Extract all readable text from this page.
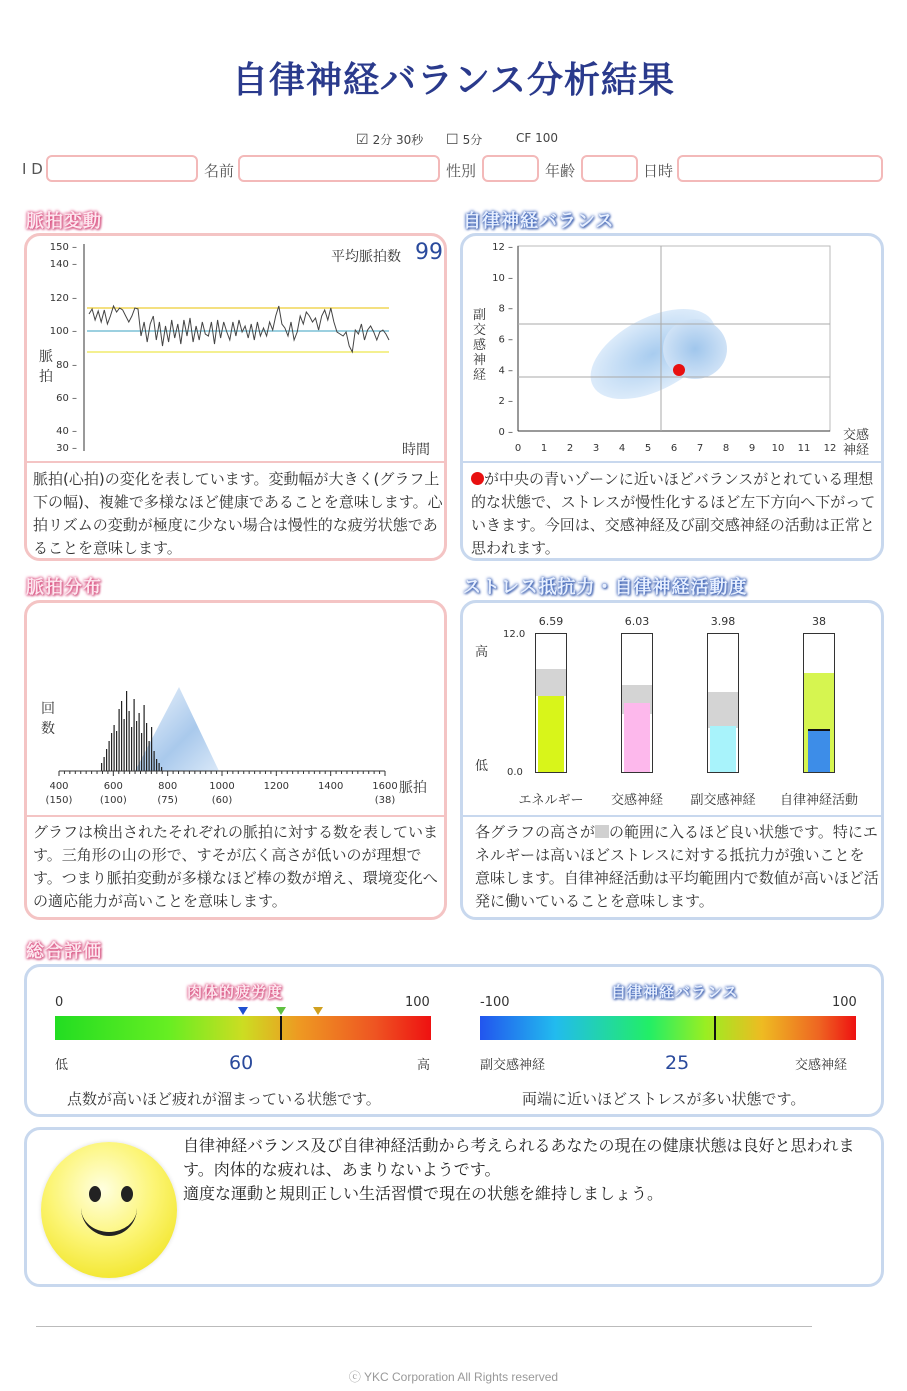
自律神経バランス分析結果
☑ 2分 30秒 ☐ 5分	CF 100
I D	名前	性別	年齢	日時
脈拍変動
150 –
140 –
120 –
100 –
80 –
60 –
40 –
30 –
平均脈拍数 99
脈
拍
時間
脈拍(心拍)の変化を表しています。変動幅が大きく(グラフ上下の幅)、複雑で多様なほど健康であることを意味します。心拍リズムの変動が極度に少ない場合は慢性的な疲労状態であることを意味します。
自律神経バランス
0 1 2 3 4 5 6 7 8 9 10 11 12
12 –
10 –
8 –
6 –
4 –
2 –
0 –
副
交
感
神
経
交感
神経
が中央の青いゾーンに近いほどバランスがとれている理想的な状態で、ストレスが慢性化するほど左下方向へ下がっていきます。今回は、交感神経及び副交感神経の活動は正常と思われます。
脈拍分布
400	600	800	1000	1200	1400	1600
(150)	(100)	(75)	(60)	(38)
回
数
脈拍
グラフは検出されたそれぞれの脈拍に対する数を表しています。三角形の山の形で、すそが広く高さが低いのが理想です。つまり脈拍変動が多様なほど棒の数が増え、環境変化への適応能力が高いことを意味します。
ストレス抵抗力・自律神経活動度
高
低
12.0
0.0
6.59
エネルギー
6.03
交感神経
3.98
副交感神経
38
自律神経活動
各グラフの高さが の範囲に入るほど良い状態です。特にエネルギーは高いほどストレスに対する抵抗力が強いことを意味します。自律神経活動は平均範囲内で数値が高いほど活発に働いていることを意味します。
総合評価
肉体的疲労度
0	100
低	高
60
点数が高いほど疲れが溜まっている状態です。
自律神経バランス
-100	100
副交感神経	交感神経
25
両端に近いほどストレスが多い状態です。
自律神経バランス及び自律神経活動から考えられるあなたの現在の健康状態は良好と思われます。肉体的な疲れは、あまりないようです。
適度な運動と規則正しい生活習慣で現在の状態を維持しましょう。
ⓒ YKC Corporation All Rights reserved
